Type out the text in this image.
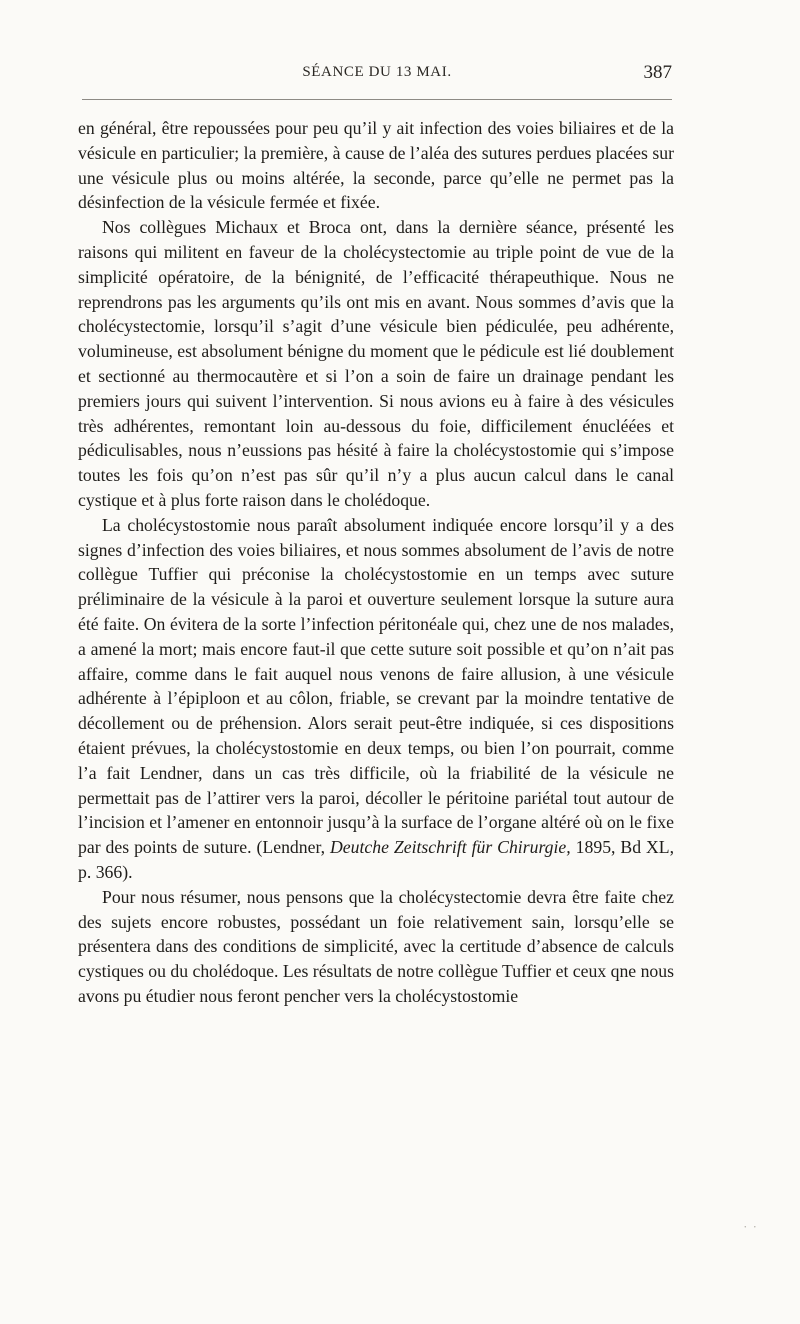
SÉANCE DU 13 MAI.	387

en général, être repoussées pour peu qu’il y ait infection des voies biliaires et de la vésicule en particulier; la première, à cause de l’aléa des sutures perdues placées sur une vésicule plus ou moins altérée, la seconde, parce qu’elle ne permet pas la désinfection de la vésicule fermée et fixée.

Nos collègues Michaux et Broca ont, dans la dernière séance, présenté les raisons qui militent en faveur de la cholécystectomie au triple point de vue de la simplicité opératoire, de la bénignité, de l’efficacité thérapeuthique. Nous ne reprendrons pas les arguments qu’ils ont mis en avant. Nous sommes d’avis que la cholécystectomie, lorsqu’il s’agit d’une vésicule bien pédiculée, peu adhérente, volumineuse, est absolument bénigne du moment que le pédicule est lié doublement et sectionné au thermocautère et si l’on a soin de faire un drainage pendant les premiers jours qui suivent l’intervention. Si nous avions eu à faire à des vésicules très adhérentes, remontant loin au-dessous du foie, difficilement énucléées et pédiculisables, nous n’eussions pas hésité à faire la cholécystostomie qui s’impose toutes les fois qu’on n’est pas sûr qu’il n’y a plus aucun calcul dans le canal cystique et à plus forte raison dans le cholédoque.

La cholécystostomie nous paraît absolument indiquée encore lorsqu’il y a des signes d’infection des voies biliaires, et nous sommes absolument de l’avis de notre collègue Tuffier qui préconise la cholécystostomie en un temps avec suture préliminaire de la vésicule à la paroi et ouverture seulement lorsque la suture aura été faite. On évitera de la sorte l’infection péritonéale qui, chez une de nos malades, a amené la mort; mais encore faut-il que cette suture soit possible et qu’on n’ait pas affaire, comme dans le fait auquel nous venons de faire allusion, à une vésicule adhérente à l’épiploon et au côlon, friable, se crevant par la moindre tentative de décollement ou de préhension. Alors serait peut-être indiquée, si ces dispositions étaient prévues, la cholécystostomie en deux temps, ou bien l’on pourrait, comme l’a fait Lendner, dans un cas très difficile, où la friabilité de la vésicule ne permettait pas de l’attirer vers la paroi, décoller le péritoine pariétal tout autour de l’incision et l’amener en entonnoir jusqu’à la surface de l’organe altéré où on le fixe par des points de suture. (Lendner, Deutche Zeitschrift für Chirurgie, 1895, Bd XL, p. 366).

Pour nous résumer, nous pensons que la cholécystectomie devra être faite chez des sujets encore robustes, possédant un foie relativement sain, lorsqu’elle se présentera dans des conditions de simplicité, avec la certitude d’absence de calculs cystiques ou du cholédoque. Les résultats de notre collègue Tuffier et ceux qne nous avons pu étudier nous feront pencher vers la cholécystostomie

· ·
